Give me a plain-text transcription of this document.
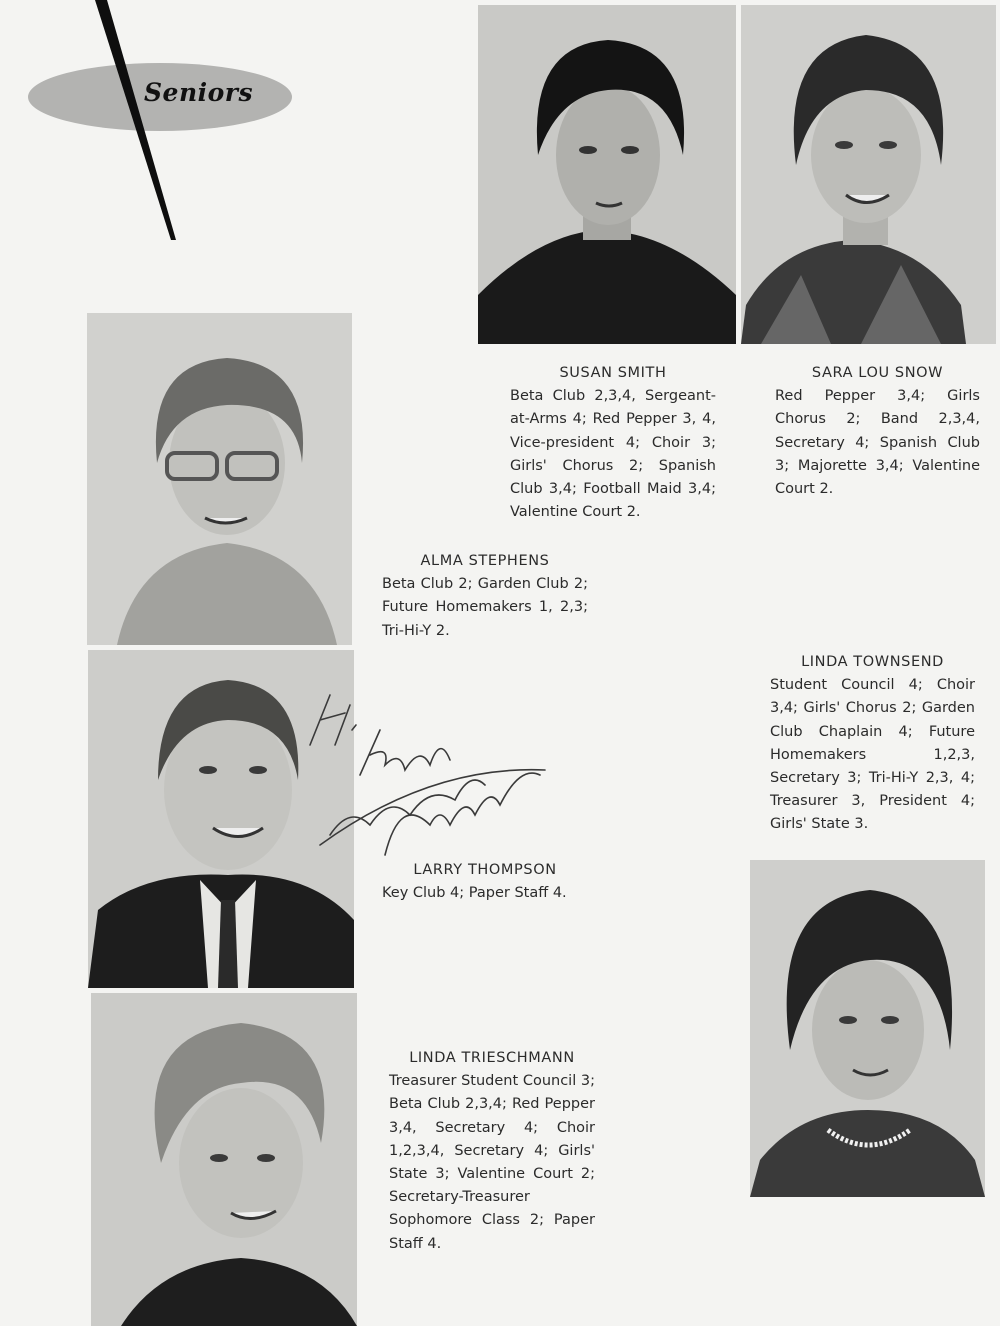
Seniors
SUSAN SMITH
Beta Club 2,3,4, Sergeant-at-Arms 4; Red Pepper 3, 4, Vice-president 4; Choir 3; Girls' Chorus 2; Spanish Club 3,4; Football Maid 3,4; Valentine Court 2.
SARA LOU SNOW
Red Pepper 3,4; Girls Chorus 2; Band 2,3,4, Secretary 4; Spanish Club 3; Majorette 3,4; Valentine Court 2.
ALMA STEPHENS
Beta Club 2; Garden Club 2; Future Homemakers 1, 2,3; Tri-Hi-Y 2.
LINDA TOWNSEND
Student Council 4; Choir 3,4; Girls' Chorus 2; Garden Club Chaplain 4; Future Homemakers 1,2,3, Secretary 3; Tri-Hi-Y 2,3, 4; Treasurer 3, President 4; Girls' State 3.
LARRY THOMPSON
Key Club 4; Paper Staff 4.
LINDA TRIESCHMANN
Treasurer Student Council 3; Beta Club 2,3,4; Red Pepper 3,4, Secretary 4; Choir 1,2,3,4, Secretary 4; Girls' State 3; Valentine Court 2; Secretary-Treasurer Sophomore Class 2; Paper Staff 4.
